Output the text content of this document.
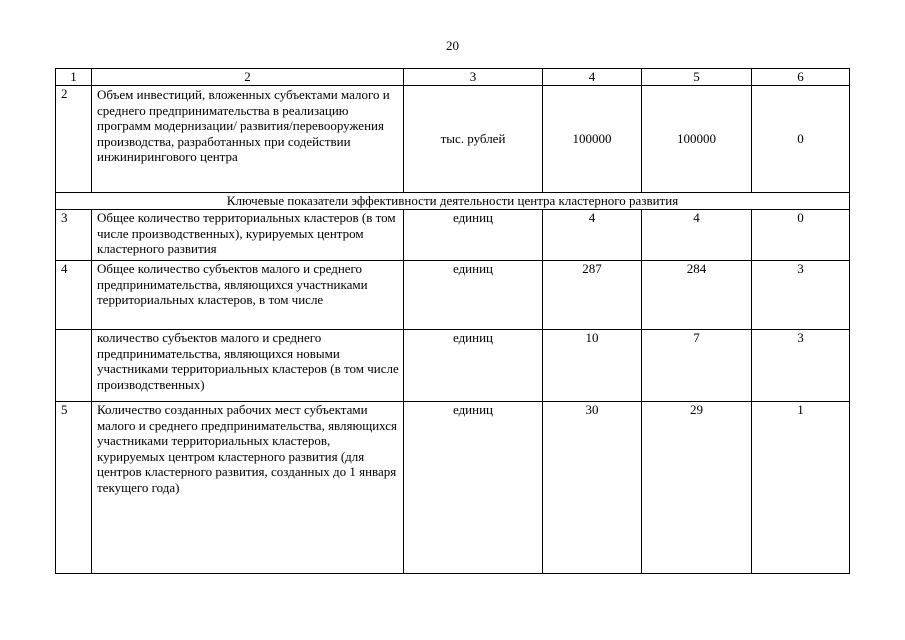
20
1	2	3	4	5	6
2	Объем инвестиций, вложенных субъектами малого и среднего предпринимательства в реализацию программ модернизации/ развития/перевооружения производства, разработанных при содействии инжинирингового центра	тыс. рублей	100000	100000	0
Ключевые показатели эффективности деятельности центра кластерного развития					
3	Общее количество территориальных кластеров (в том числе производственных), курируемых центром кластерного развития	единиц	4	4	0
4	Общее количество субъектов малого и среднего предпринимательства, являющихся участниками территориальных кластеров, в том числе	единиц	287	284	3
	количество субъектов малого и среднего предпринимательства, являющихся новыми участниками территориальных кластеров (в том числе производственных)	единиц	10	7	3
5	Количество созданных рабочих мест субъектами малого и среднего предпринимательства, являющихся участниками территориальных кластеров, курируемых центром кластерного развития (для центров кластерного развития, созданных до 1 января текущего года)	единиц	30	29	1
